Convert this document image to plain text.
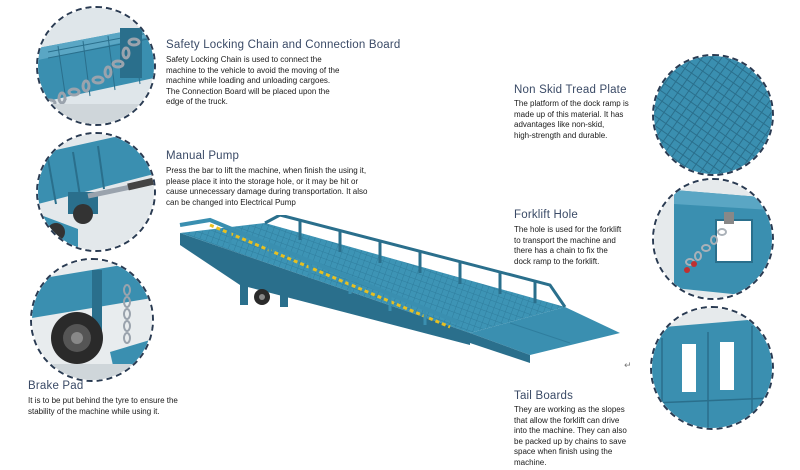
Safety Locking Chain and Connection Board
Safety Locking Chain is used to connect the
machine to the vehicle to avoid the moving of the
machine while loading and unloading cargoes.
The Connection Board will be placed upon the
edge of the truck.
Manual Pump
Press the bar to lift the machine, when finish the using it,
please place it into the storage hole, or it may be hit or
cause unnecessary damage during transportation. It also
can be changed into Electrical Pump
Brake Pad
It is to be put behind the tyre to ensure the
stability of the machine while using it.
Non Skid Tread Plate
The platform of the dock ramp is
made up of this material. It has
advantages like non-skid,
high-strength and durable.
Forklift Hole
The hole is used for the forklift
to transport the machine and
there has a chain to fix the
dock ramp to the forklift.
Tail Boards
They are working as the slopes
that allow the forklift can drive
into the machine. They can also
be packed up by chains to save
space when finish using the
machine.
↵
